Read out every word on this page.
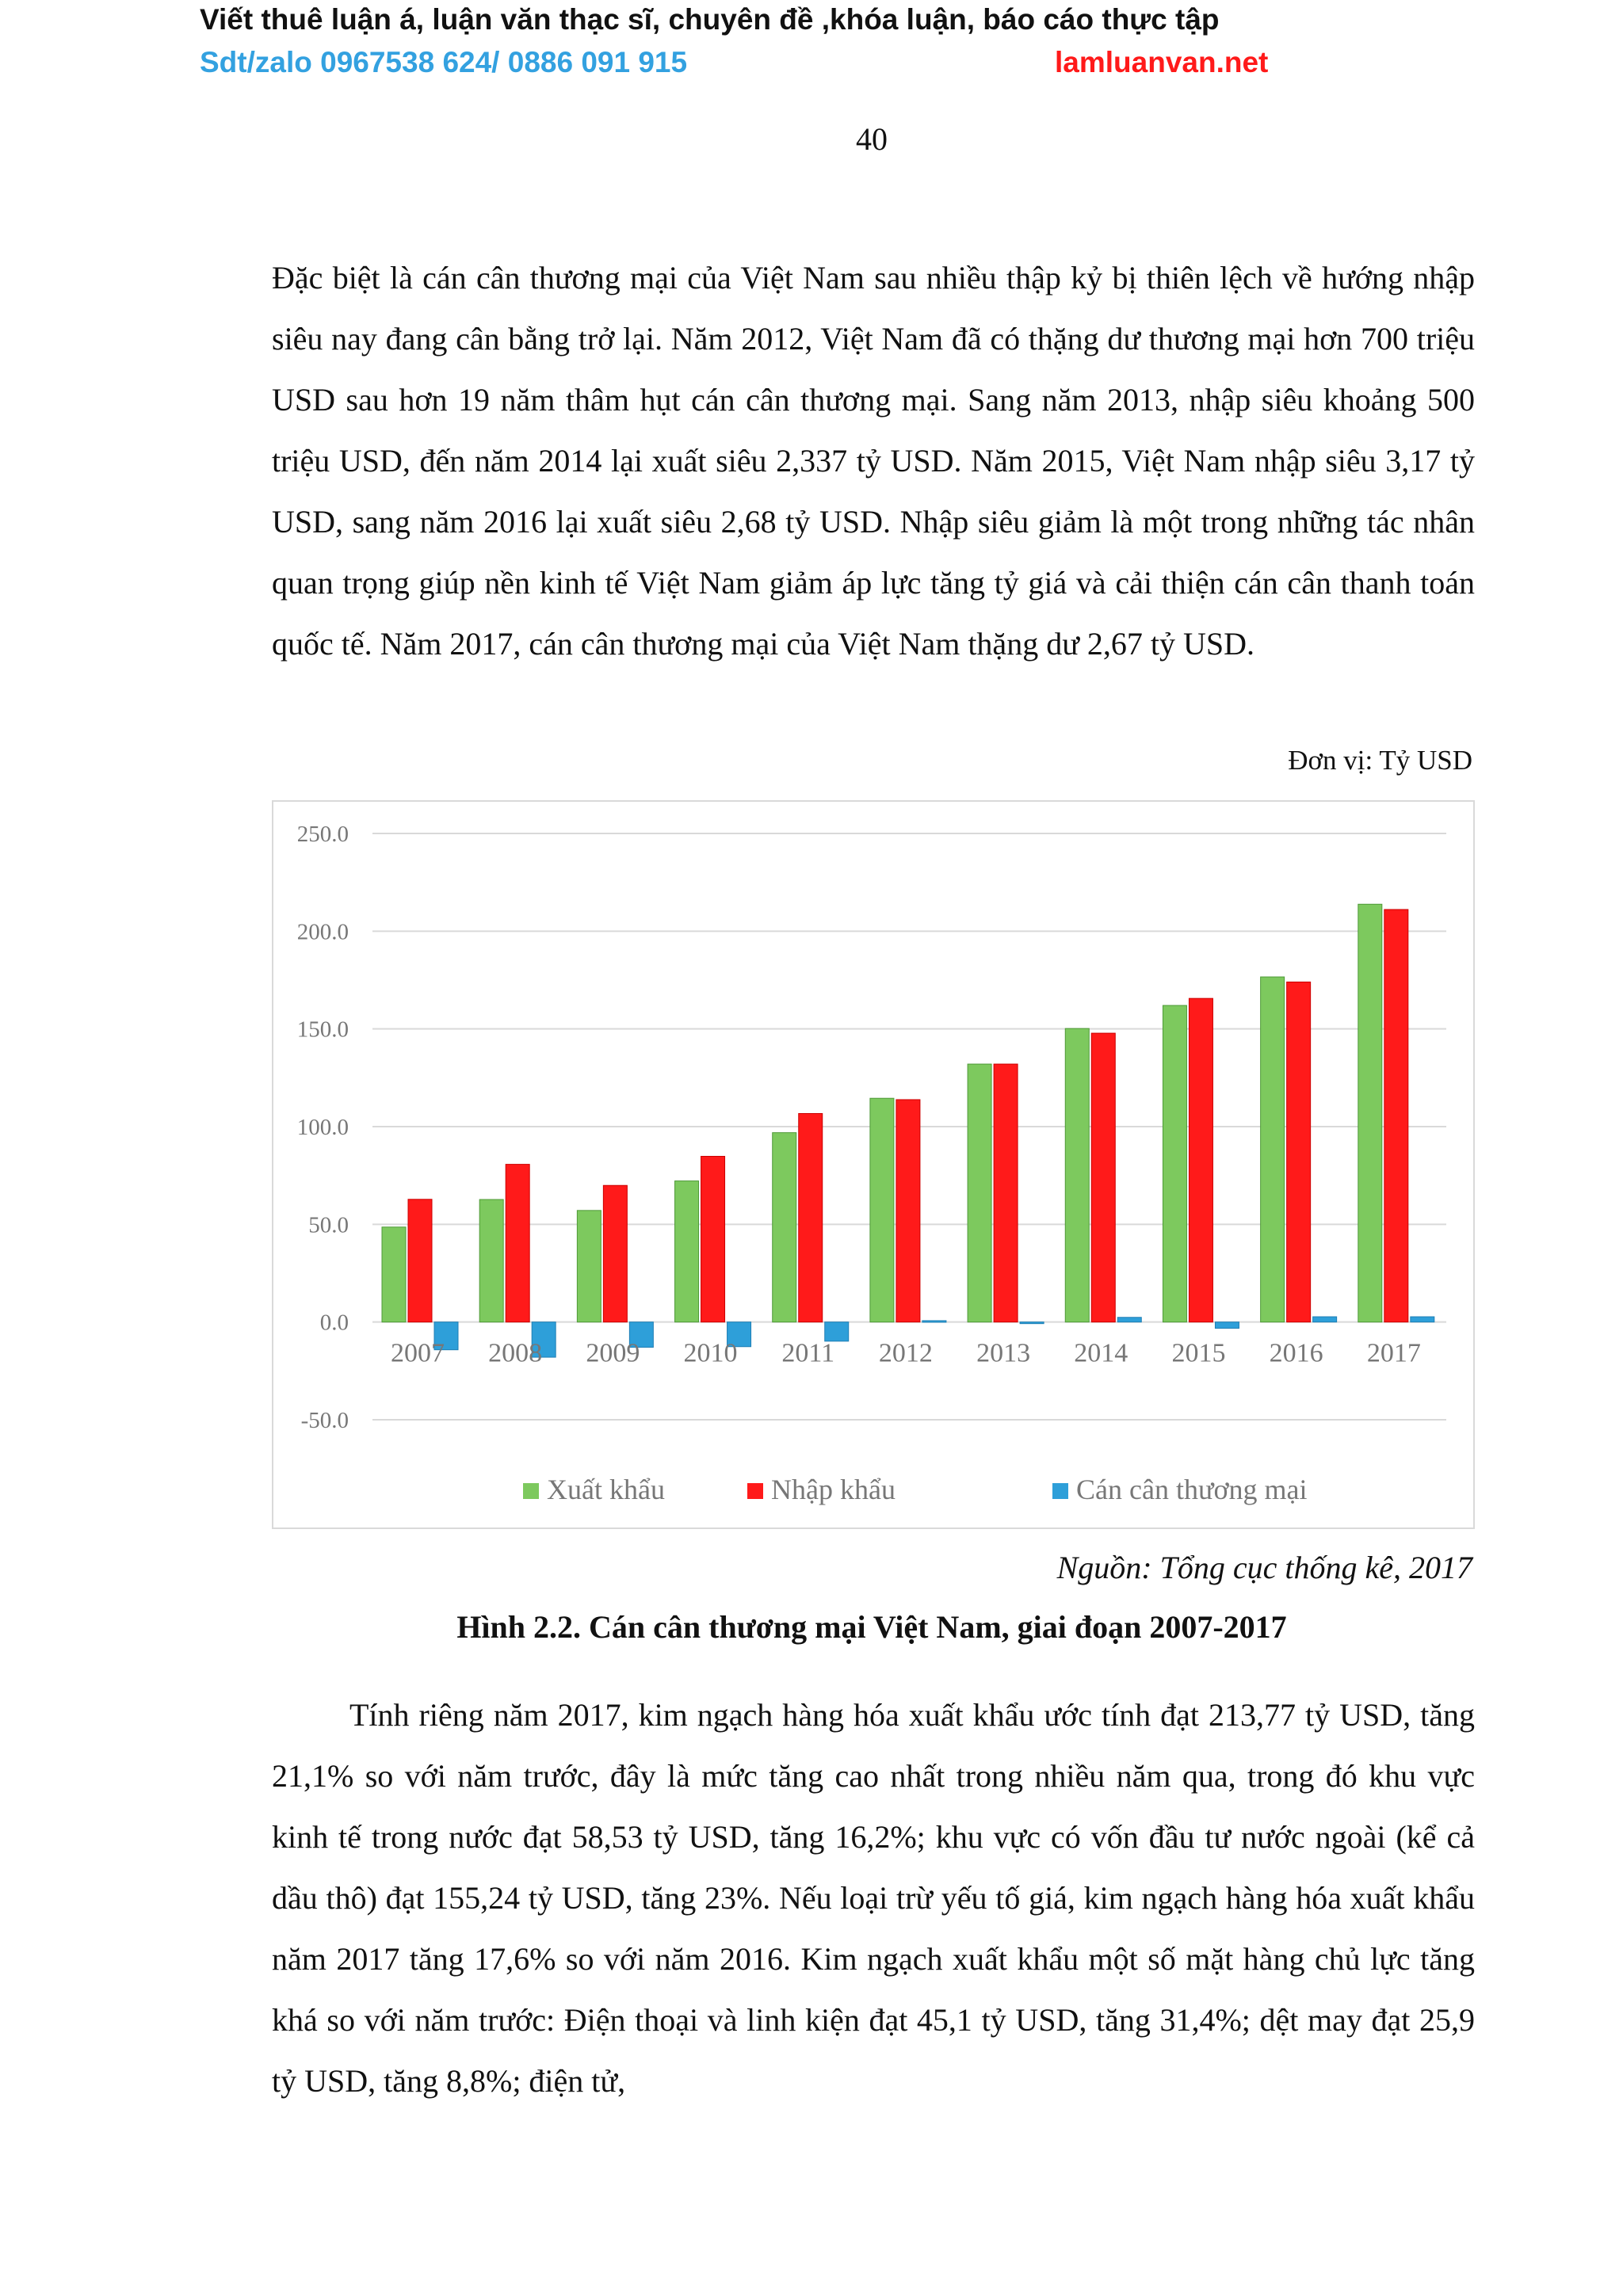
Viết thuê luận á, luận văn thạc sĩ, chuyên đề ,khóa luận, báo cáo thực tập
Sdt/zalo 0967538 624/ 0886 091 915	lamluanvan.net
40

Đặc biệt là cán cân thương mại của Việt Nam sau nhiều thập kỷ bị thiên lệch về hướng nhập siêu nay đang cân bằng trở lại. Năm 2012, Việt Nam đã có thặng dư thương mại hơn 700 triệu USD sau hơn 19 năm thâm hụt cán cân thương mại. Sang năm 2013, nhập siêu khoảng 500 triệu USD, đến năm 2014 lại xuất siêu 2,337 tỷ USD. Năm 2015, Việt Nam nhập siêu 3,17 tỷ USD, sang năm 2016 lại xuất siêu 2,68 tỷ USD. Nhập siêu giảm là một trong những tác nhân quan trọng giúp nền kinh tế Việt Nam giảm áp lực tăng tỷ giá và cải thiện cán cân thanh toán quốc tế. Năm 2017, cán cân thương mại của Việt Nam thặng dư 2,67 tỷ USD.

Đơn vị: Tỷ USD
250.0
200.0
150.0
100.0
50.0
0.0
-50.0
2007 2008 2009 2010 2011 2012 2013 2014 2015 2016 2017
Xuất khẩu	Nhập khẩu	Cán cân thương mại
Nguồn: Tổng cục thống kê, 2017
Hình 2.2. Cán cân thương mại Việt Nam, giai đoạn 2007-2017

Tính riêng năm 2017, kim ngạch hàng hóa xuất khẩu ước tính đạt 213,77 tỷ USD, tăng 21,1% so với năm trước, đây là mức tăng cao nhất trong nhiều năm qua, trong đó khu vực kinh tế trong nước đạt 58,53 tỷ USD, tăng 16,2%; khu vực có vốn đầu tư nước ngoài (kể cả dầu thô) đạt 155,24 tỷ USD, tăng 23%. Nếu loại trừ yếu tố giá, kim ngạch hàng hóa xuất khẩu năm 2017 tăng 17,6% so với năm 2016. Kim ngạch xuất khẩu một số mặt hàng chủ lực tăng khá so với năm trước: Điện thoại và linh kiện đạt 45,1 tỷ USD, tăng 31,4%; dệt may đạt 25,9 tỷ USD, tăng 8,8%; điện tử,
